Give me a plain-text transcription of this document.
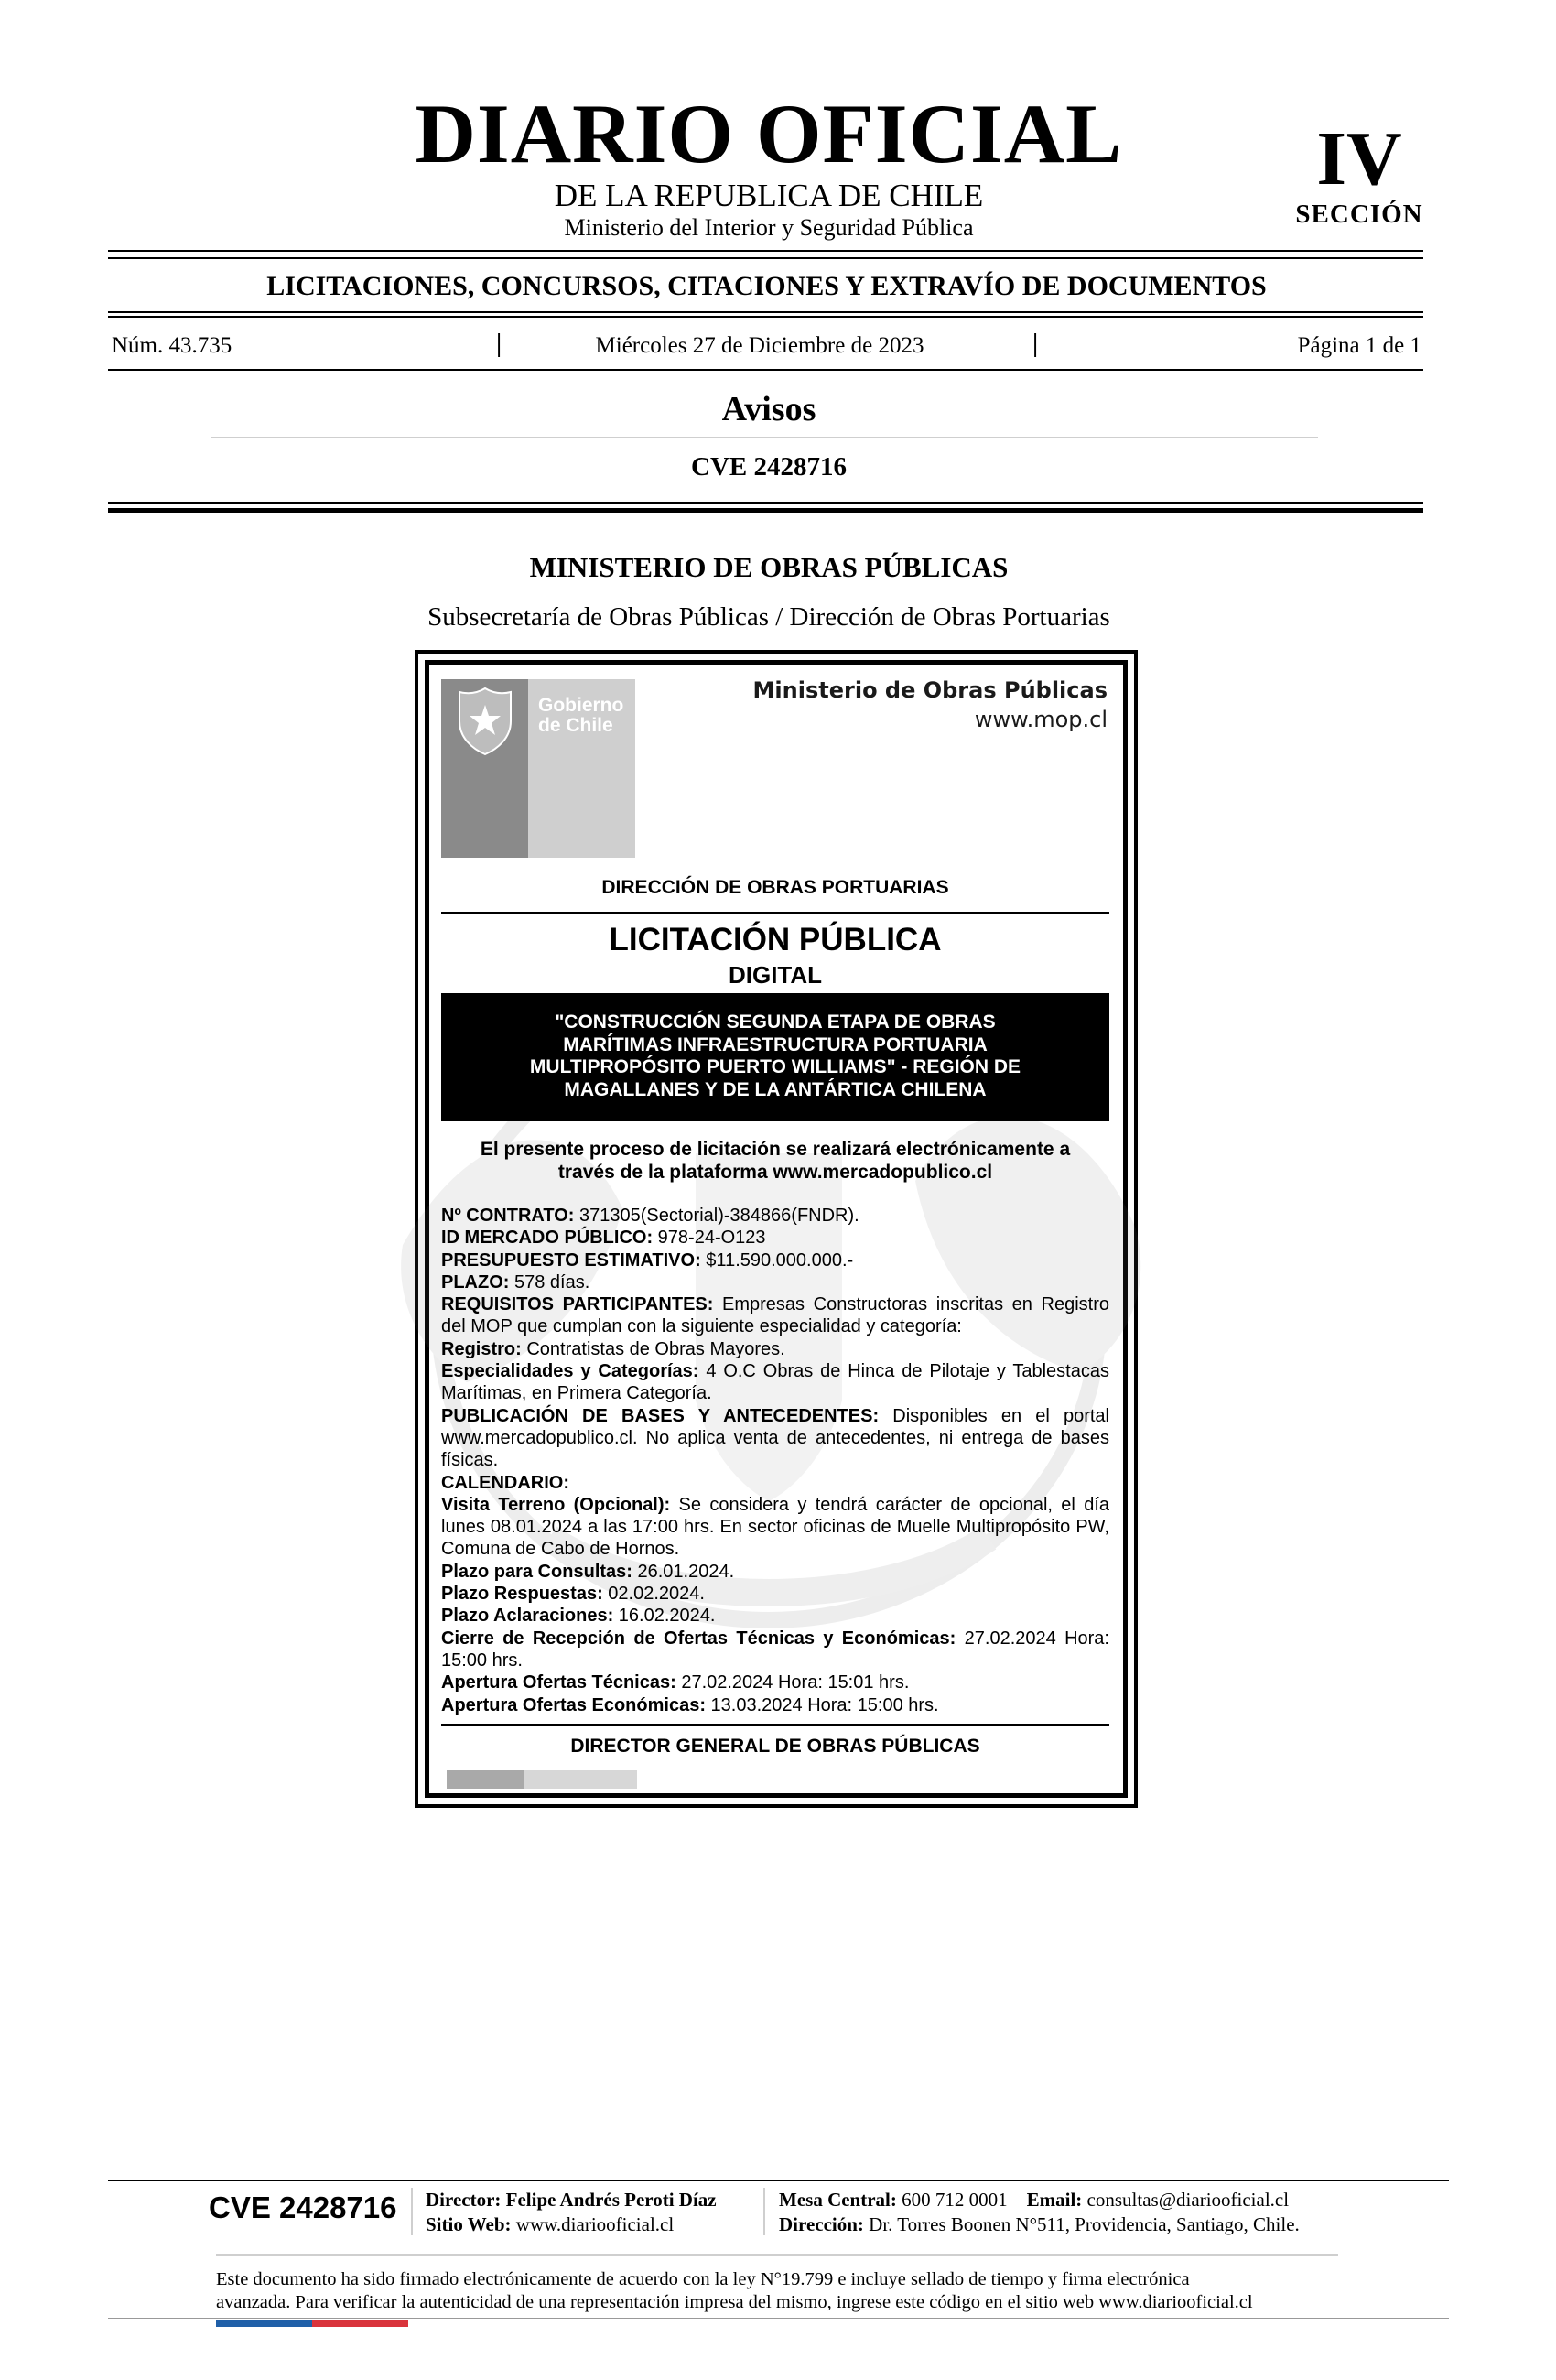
DIARIO OFICIAL
DE LA REPUBLICA DE CHILE
Ministerio del Interior y Seguridad Pública
IV
SECCIÓN
LICITACIONES, CONCURSOS, CITACIONES Y EXTRAVÍO DE DOCUMENTOS
Núm. 43.735	|	Miércoles 27 de Diciembre de 2023	|	Página 1 de 1
Avisos
CVE 2428716
MINISTERIO DE OBRAS PÚBLICAS
Subsecretaría de Obras Públicas / Dirección de Obras Portuarias
Gobierno
de Chile
Ministerio de Obras Públicas
www.mop.cl
DIRECCIÓN DE OBRAS PORTUARIAS
LICITACIÓN PÚBLICA
DIGITAL

"CONSTRUCCIÓN SEGUNDA ETAPA DE OBRAS
MARÍTIMAS INFRAESTRUCTURA PORTUARIA
MULTIPROPÓSITO PUERTO WILLIAMS" - REGIÓN DE
MAGALLANES Y DE LA ANTÁRTICA CHILENA

El presente proceso de licitación se realizará electrónicamente a
través de la plataforma www.mercadopublico.cl
Nº CONTRATO: 371305(Sectorial)-384866(FNDR).
ID MERCADO PÚBLICO: 978-24-O123
PRESUPUESTO ESTIMATIVO: $11.590.000.000.-
PLAZO: 578 días.
REQUISITOS PARTICIPANTES: Empresas Constructoras inscritas en Registro del MOP que cumplan con la siguiente especialidad y categoría:
Registro: Contratistas de Obras Mayores.
Especialidades y Categorías: 4 O.C Obras de Hinca de Pilotaje y Tablestacas Marítimas, en Primera Categoría.
PUBLICACIÓN DE BASES Y ANTECEDENTES: Disponibles en el portal www.mercadopublico.cl. No aplica venta de antecedentes, ni entrega de bases físicas.
CALENDARIO:
Visita Terreno (Opcional): Se considera y tendrá carácter de opcional, el día lunes 08.01.2024 a las 17:00 hrs. En sector oficinas de Muelle Multipropósito PW, Comuna de Cabo de Hornos.
Plazo para Consultas: 26.01.2024.
Plazo Respuestas: 02.02.2024.
Plazo Aclaraciones: 16.02.2024.
Cierre de Recepción de Ofertas Técnicas y Económicas: 27.02.2024 Hora: 15:00 hrs.
Apertura Ofertas Técnicas: 27.02.2024 Hora: 15:01 hrs.
Apertura Ofertas Económicas: 13.03.2024 Hora: 15:00 hrs.
DIRECTOR GENERAL DE OBRAS PÚBLICAS
CVE 2428716 Director: Felipe Andrés Peroti Díaz
Sitio Web: www.diariooficial.cl
Mesa Central: 600 712 0001 Email: consultas@diariooficial.cl
Dirección: Dr. Torres Boonen N°511, Providencia, Santiago, Chile.
Este documento ha sido firmado electrónicamente de acuerdo con la ley N°19.799 e incluye sellado de tiempo y firma electrónica
avanzada. Para verificar la autenticidad de una representación impresa del mismo, ingrese este código en el sitio web www.diariooficial.cl
